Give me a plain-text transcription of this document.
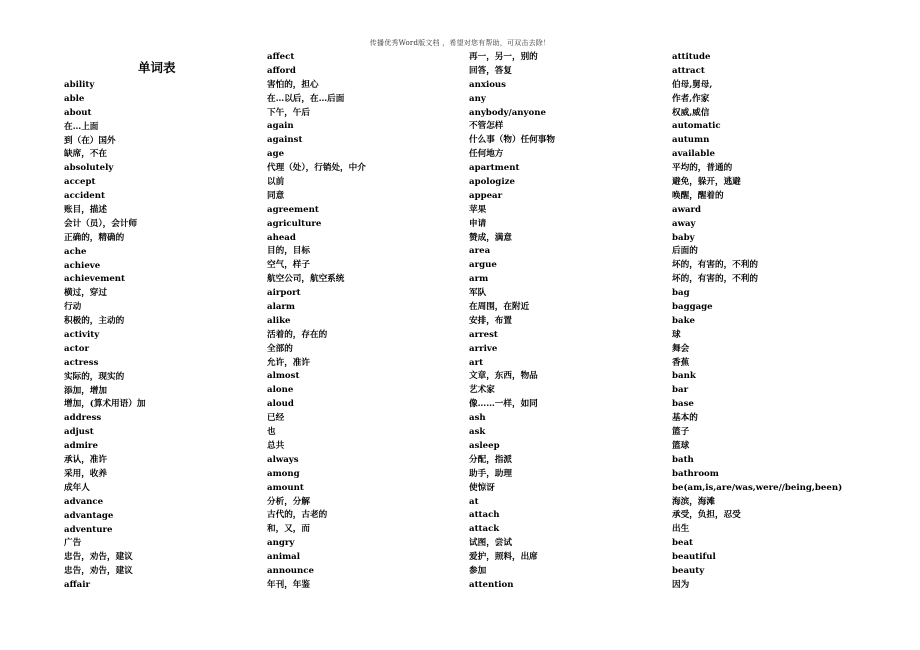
传播优秀Word版文档 ，希望对您有帮助，可双击去除！
单词表
ability
able
about
在…上面
到（在）国外
缺席，不在
absolutely
accept
accident
账目，描述
会计（员），会计师
正确的，精确的
ache
achieve
achievement
横过，穿过
行动
积极的，主动的
activity
actor
actress
实际的，现实的
添加，增加
增加，(算术用语）加
address
adjust
admire
承认，准许
采用，收养
成年人
advance
advantage
adventure
广告
忠告，劝告，建议
忠告，劝告，建议
affair
affect
afford
害怕的，担心
在…以后，在…后面
下午，午后
again
against
age
代理（处），行销处，中介
以前
同意
agreement
agriculture
ahead
目的，目标
空气，样子
航空公司，航空系统
airport
alarm
alike
活着的，存在的
全部的
允许，准许
almost
alone
aloud
已经
也
总共
always
among
amount
分析，分解
古代的，古老的
和，又，而
angry
animal
announce
年刊，年鉴
再一，另一，别的
回答，答复
anxious
any
anybody/anyone
不管怎样
什么事（物）任何事物
任何地方
apartment
apologize
appear
苹果
申请
赞成，满意
area
argue
arm
军队
在周围，在附近
安排，布置
arrest
arrive
art
文章，东西，物品
艺术家
像……一样，如同
ash
ask
asleep
分配，指派
助手，助理
使惊讶
at
attach
attack
试图，尝试
爱护，照料，出席
参加
attention
attitude
attract
伯母,舅母,
作者,作家
权威,威信
automatic
autumn
available
平均的，普通的
避免，躲开，逃避
唤醒，醒着的
award
away
baby
后面的
坏的，有害的，不利的
坏的，有害的，不利的
bag
baggage
bake
球
舞会
香蕉
bank
bar
base
基本的
篮子
篮球
bath
bathroom
be(am,is,are/was,were//being,been)
海滨，海滩
承受，负担，忍受
出生
beat
beautiful
beauty
因为
